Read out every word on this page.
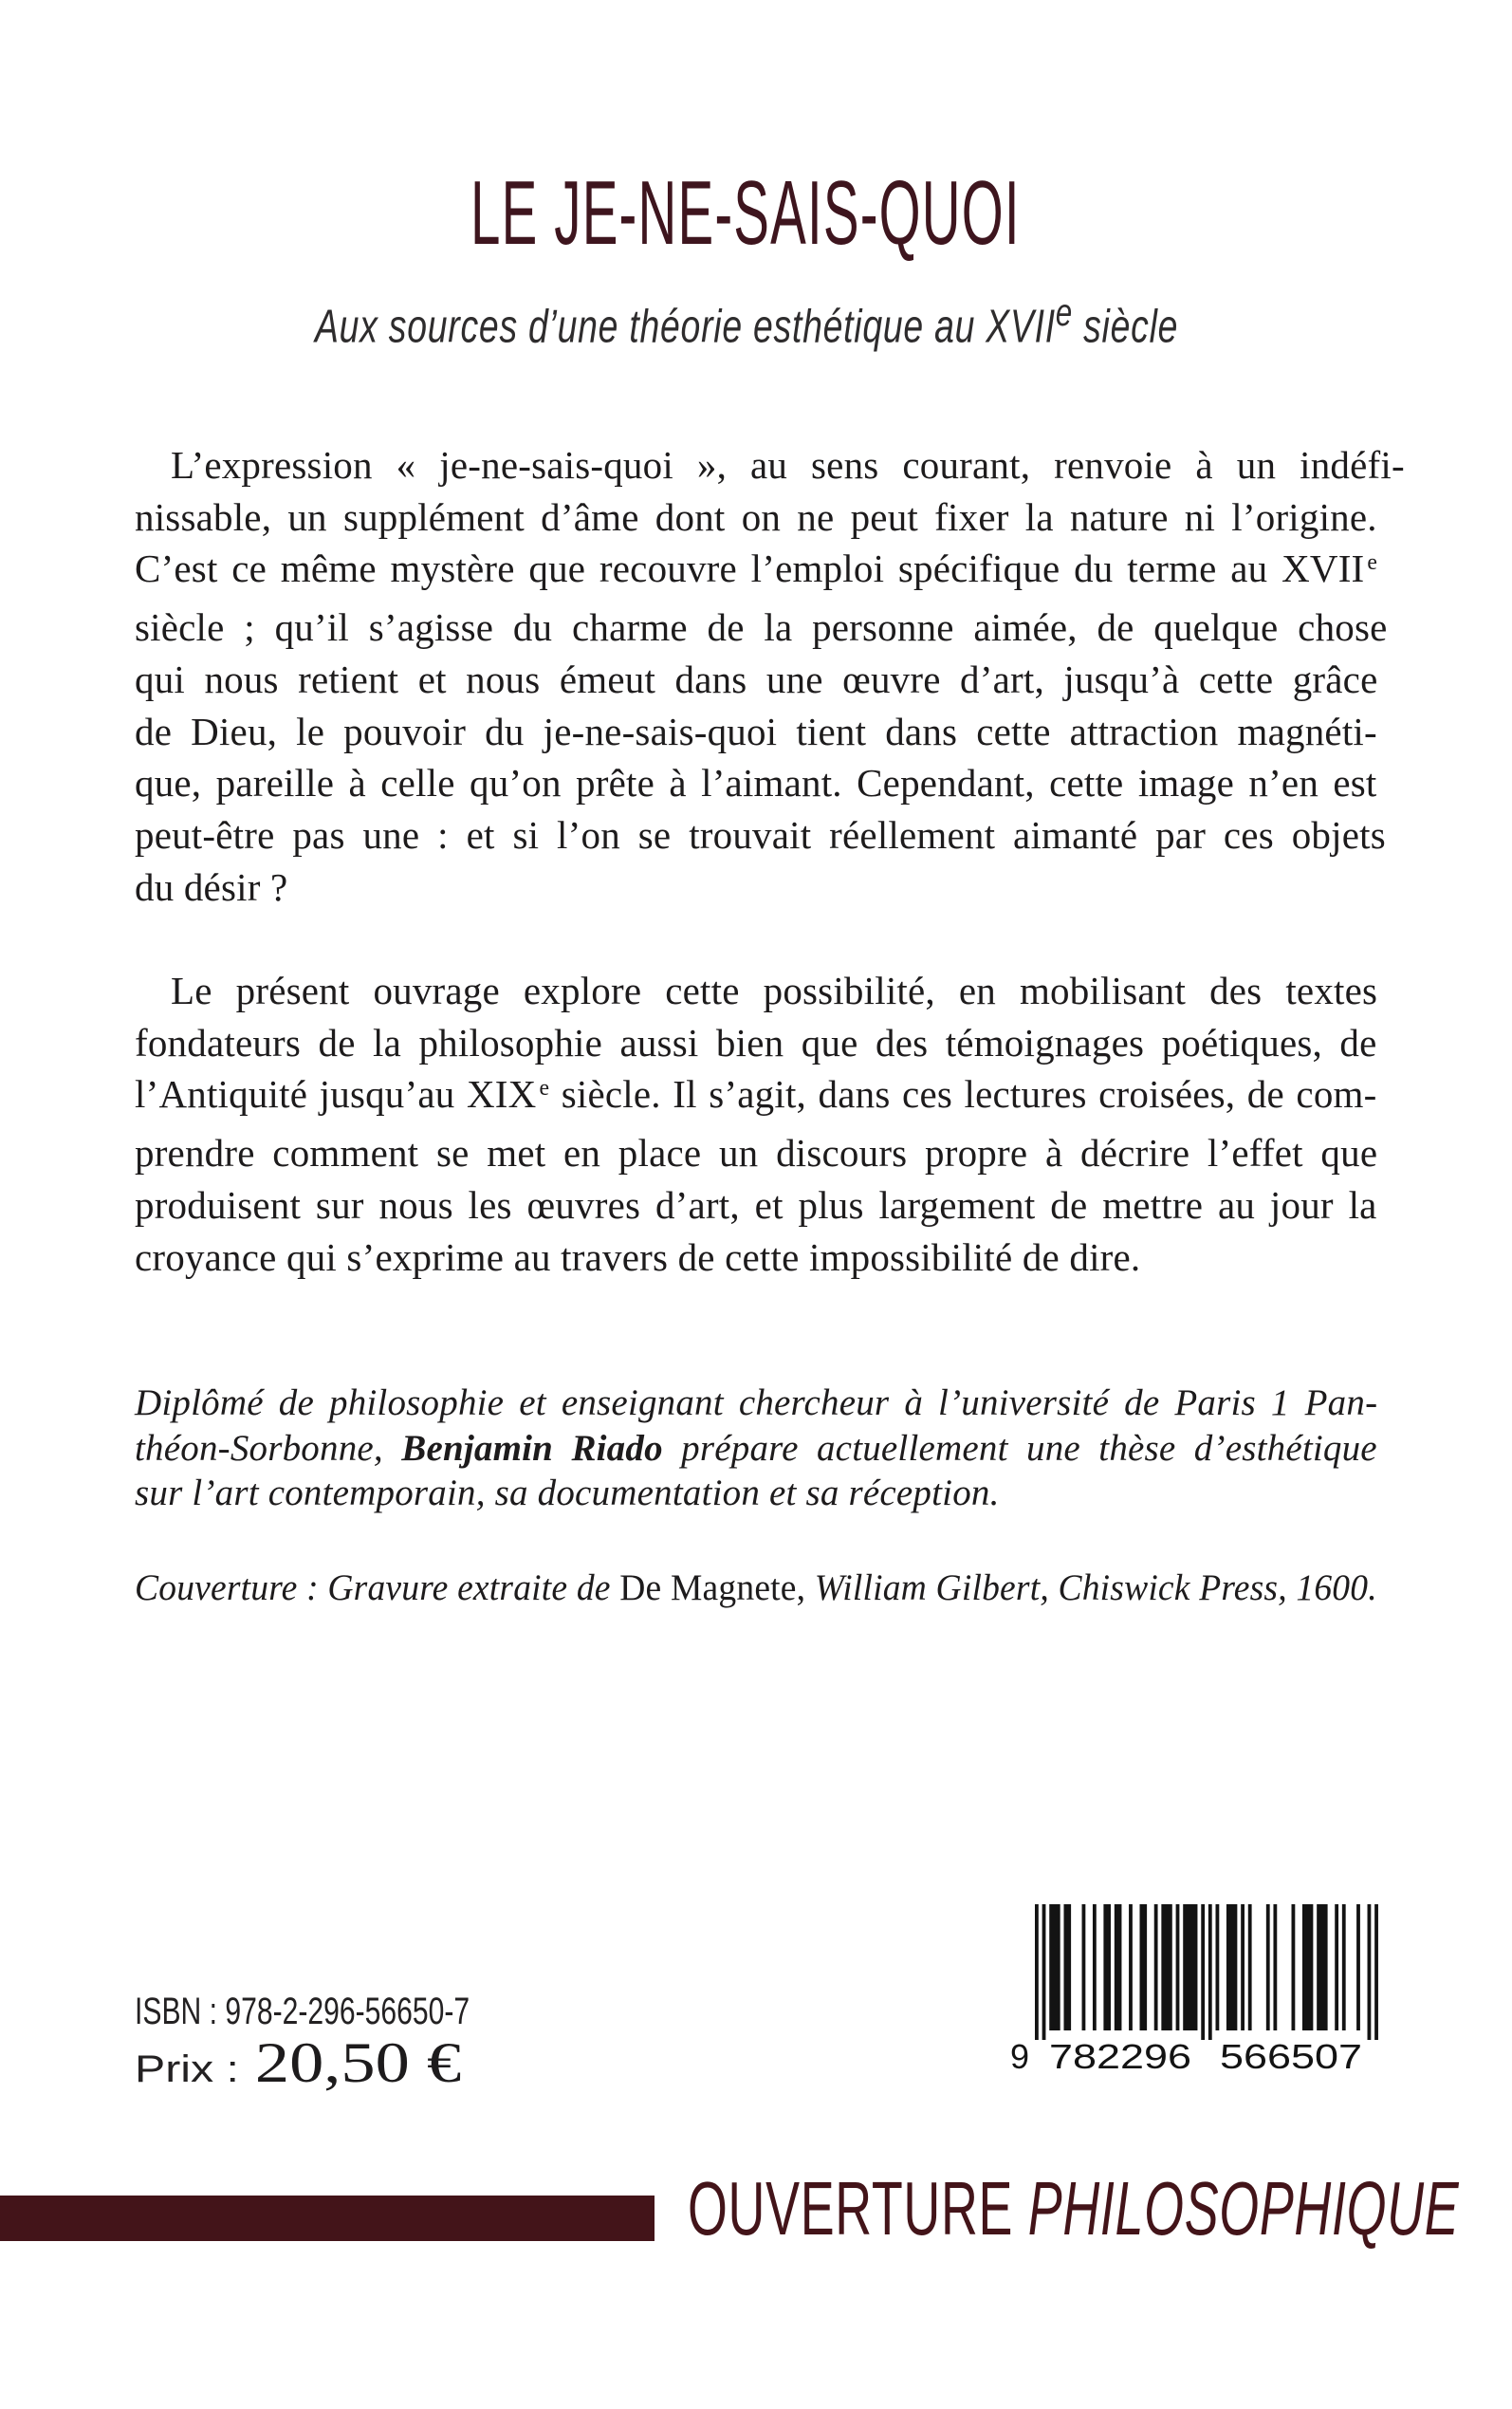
LE JE-NE-SAIS-QUOI
Aux sources d’une théorie esthétique au XVIIe siècle
L’expression « je-ne-sais-quoi », au sens courant, renvoie à un indéfi-
nissable, un supplément d’âme dont on ne peut fixer la nature ni l’origine.
C’est ce même mystère que recouvre l’emploi spécifique du terme au XVII $^e$
siècle ; qu’il s’agisse du charme de la personne aimée, de quelque chose
qui nous retient et nous émeut dans une œuvre d’art, jusqu’à cette grâce
de Dieu, le pouvoir du je-ne-sais-quoi tient dans cette attraction magnéti-
que, pareille à celle qu’on prête à l’aimant. Cependant, cette image n’en est
peut-être pas une : et si l’on se trouvait réellement aimanté par ces objets
du désir ?
Le présent ouvrage explore cette possibilité, en mobilisant des textes
fondateurs de la philosophie aussi bien que des témoignages poétiques, de
l’Antiquité jusqu’au XIX $^e$ siècle. Il s’agit, dans ces lectures croisées, de com-
prendre comment se met en place un discours propre à décrire l’effet que
produisent sur nous les œuvres d’art, et plus largement de mettre au jour la
croyance qui s’exprime au travers de cette impossibilité de dire.
Diplômé de philosophie et enseignant chercheur à l’université de Paris 1 Pan-
théon-Sorbonne, Benjamin Riado prépare actuellement une thèse d’esthétique
sur l’art contemporain, sa documentation et sa réception.
Couverture : Gravure extraite de De Magnete, William Gilbert, Chiswick Press, 1600.
ISBN : 978-2-296-56650-7
Prix : 20,50 €	9 782296 566507
OUVERTURE PHILOSOPHIQUE
